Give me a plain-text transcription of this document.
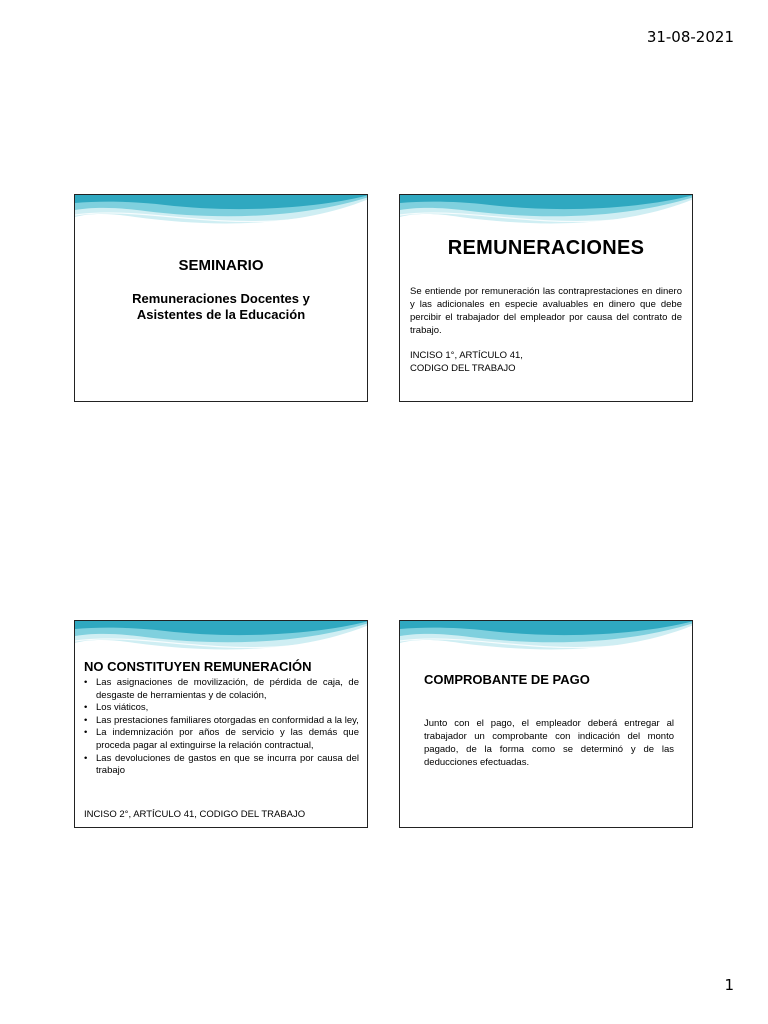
31-08-2021
SEMINARIO
Remuneraciones Docentes y Asistentes de la Educación
REMUNERACIONES
Se entiende por remuneración las contraprestaciones en dinero y las adicionales en especie avaluables en dinero que debe percibir el trabajador del empleador por causa del contrato de trabajo.
INCISO 1°, ARTÍCULO 41,
CODIGO DEL TRABAJO
NO CONSTITUYEN REMUNERACIÓN
• Las asignaciones de movilización, de pérdida de caja, de desgaste de herramientas y de colación,
• Los viáticos,
• Las prestaciones familiares otorgadas en conformidad a la ley,
• La indemnización por años de servicio y las demás que proceda pagar al extinguirse la relación contractual,
• Las devoluciones de gastos en que se incurra por causa del trabajo
INCISO 2°, ARTÍCULO 41, CODIGO DEL TRABAJO
COMPROBANTE DE PAGO
Junto con el pago, el empleador deberá entregar al trabajador un comprobante con indicación del monto pagado, de la forma como se determinó y de las deducciones efectuadas.
1
